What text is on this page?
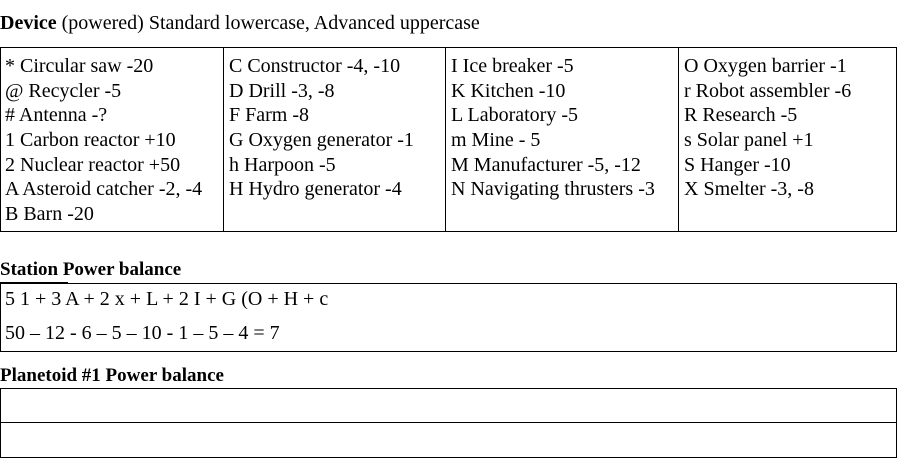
Device (powered) Standard lowercase, Advanced uppercase
* Circular saw -20
@ Recycler -5
# Antenna -?
1 Carbon reactor +10
2 Nuclear reactor +50
A Asteroid catcher -2, -4
B Barn -20
C Constructor -4, -10
D Drill -3, -8
F Farm -8
G Oxygen generator -1
h Harpoon -5
H Hydro generator -4
I Ice breaker -5
K Kitchen -10
L Laboratory -5
m Mine - 5
M Manufacturer -5, -12
N Navigating thrusters -3
O Oxygen barrier -1
r Robot assembler -6
R Research -5
s Solar panel +1
S Hanger -10
X Smelter -3, -8
Station Power balance
5 1 + 3 A + 2 x + L + 2 I + G (O + H + c
50 – 12 - 6 – 5 – 10 - 1 – 5 – 4 = 7
Planetoid #1 Power balance
